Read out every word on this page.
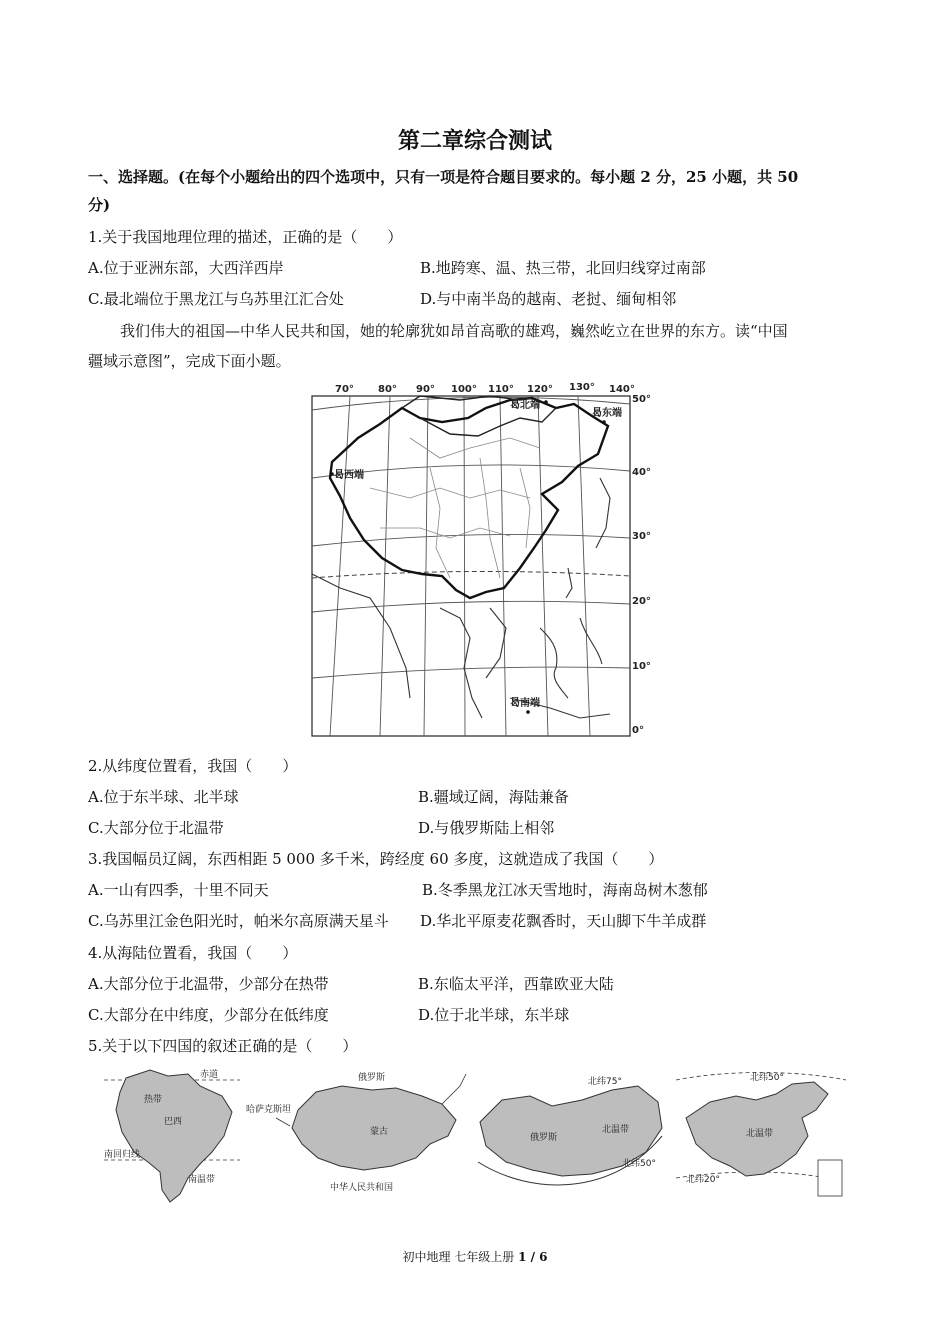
第二章综合测试
一、选择题。(在每个小题给出的四个选项中，只有一项是符合题目要求的。每小题 2 分，25 小题，共 50
分)
1.关于我国地理位理的描述，正确的是（　　）
A.位于亚洲东部，大西洋西岸	B.地跨寒、温、热三带，北回归线穿过南部
C.最北端位于黑龙江与乌苏里江汇合处	D.与中南半岛的越南、老挝、缅甸相邻
我们伟大的祖国—中华人民共和国，她的轮廓犹如昂首高歌的雄鸡，巍然屹立在世界的东方。读“中国
疆域示意图”，完成下面小题。
70° 80° 90° 100° 110° 120° 130° 140°
50°
40°
30°
20°
10°
0°
曷北端
曷东端
曷西端
曷南端
2.从纬度位置看，我国（　　）
A.位于东半球、北半球	B.疆域辽阔，海陆兼备
C.大部分位于北温带	D.与俄罗斯陆上相邻
3.我国幅员辽阔，东西相距 5 000 多千米，跨经度 60 多度，这就造成了我国（　　）
A.一山有四季，十里不同天	B.冬季黑龙江冰天雪地时，海南岛树木葱郁
C.乌苏里江金色阳光时，帕米尔高原满天星斗 D.华北平原麦花飘香时，天山脚下牛羊成群
4.从海陆位置看，我国（　　）
A.大部分位于北温带，少部分在热带	B.东临太平洋，西靠欧亚大陆
C.大部分在中纬度，少部分在低纬度	D.位于北半球，东半球
5.关于以下四国的叙述正确的是（　　）
赤道
热带
巴西
南回归线
南温带
俄罗斯
哈萨克斯坦
蒙古
中华人民共和国
北纬75°
俄罗斯
北温带
北纬50°
北纬50°
北温带
北纬20°
初中地理 七年级上册 1 / 6
